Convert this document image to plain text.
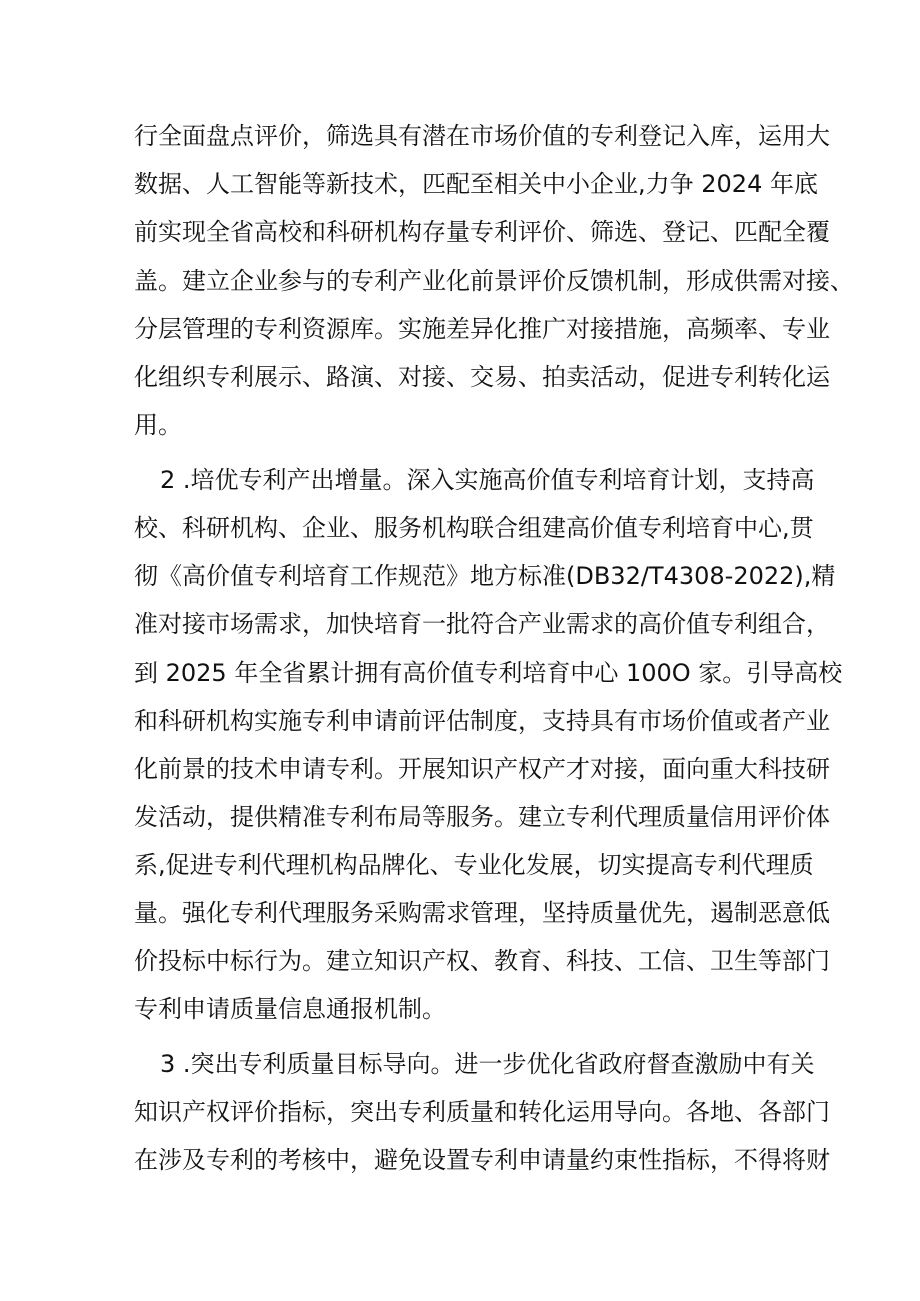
行全面盘点评价，筛选具有潜在市场价值的专利登记入库，运用大
数据、人工智能等新技术，匹配至相关中小企业,力争 2024 年底
前实现全省高校和科研机构存量专利评价、筛选、登记、匹配全覆
盖。建立企业参与的专利产业化前景评价反馈机制，形成供需对接、
分层管理的专利资源库。实施差异化推广对接措施，高频率、专业
化组织专利展示、路演、对接、交易、拍卖活动，促进专利转化运
用。
2 .培优专利产出增量。深入实施高价值专利培育计划，支持高
校、科研机构、企业、服务机构联合组建高价值专利培育中心,贯
彻《高价值专利培育工作规范》地方标准(DB32/T4308-2022),精
准对接市场需求，加快培育一批符合产业需求的高价值专利组合，
到 2025 年全省累计拥有高价值专利培育中心 100O 家。引导高校
和科研机构实施专利申请前评估制度，支持具有市场价值或者产业
化前景的技术申请专利。开展知识产权产才对接，面向重大科技研
发活动，提供精准专利布局等服务。建立专利代理质量信用评价体
系,促进专利代理机构品牌化、专业化发展，切实提高专利代理质
量。强化专利代理服务采购需求管理，坚持质量优先，遏制恶意低
价投标中标行为。建立知识产权、教育、科技、工信、卫生等部门
专利申请质量信息通报机制。
3 .突出专利质量目标导向。进一步优化省政府督查激励中有关
知识产权评价指标，突出专利质量和转化运用导向。各地、各部门
在涉及专利的考核中，避免设置专利申请量约束性指标，不得将财
